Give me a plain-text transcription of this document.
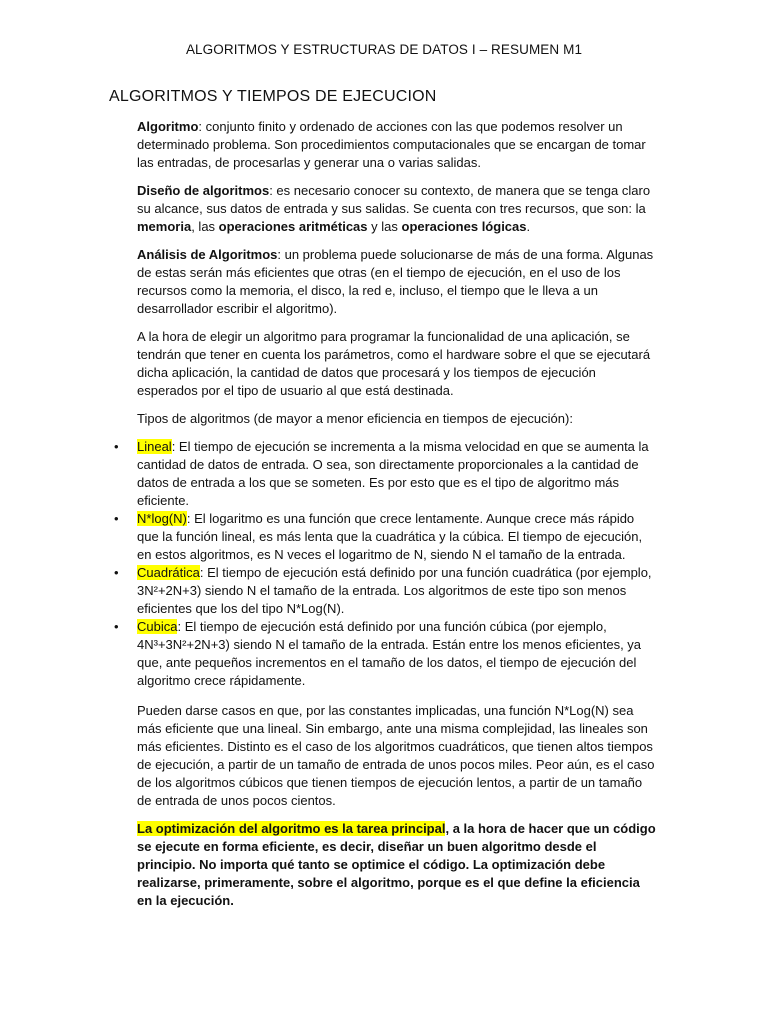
ALGORITMOS Y ESTRUCTURAS DE DATOS I – RESUMEN M1
ALGORITMOS Y TIEMPOS DE EJECUCION

Algoritmo: conjunto finito y ordenado de acciones con las que podemos resolver un determinado problema. Son procedimientos computacionales que se encargan de tomar las entradas, de procesarlas y generar una o varias salidas.

Diseño de algoritmos: es necesario conocer su contexto, de manera que se tenga claro su alcance, sus datos de entrada y sus salidas. Se cuenta con tres recursos, que son: la memoria, las operaciones aritméticas y las operaciones lógicas.

Análisis de Algoritmos: un problema puede solucionarse de más de una forma. Algunas de estas serán más eficientes que otras (en el tiempo de ejecución, en el uso de los recursos como la memoria, el disco, la red e, incluso, el tiempo que le lleva a un desarrollador escribir el algoritmo).

A la hora de elegir un algoritmo para programar la funcionalidad de una aplicación, se tendrán que tener en cuenta los parámetros, como el hardware sobre el que se ejecutará dicha aplicación, la cantidad de datos que procesará y los tiempos de ejecución esperados por el tipo de usuario al que está destinada.

Tipos de algoritmos (de mayor a menor eficiencia en tiempos de ejecución):

• Lineal: El tiempo de ejecución se incrementa a la misma velocidad en que se aumenta la cantidad de datos de entrada. O sea, son directamente proporcionales a la cantidad de datos de entrada a los que se someten. Es por esto que es el tipo de algoritmo más eficiente.
• N*log(N): El logaritmo es una función que crece lentamente. Aunque crece más rápido que la función lineal, es más lenta que la cuadrática y la cúbica. El tiempo de ejecución, en estos algoritmos, es N veces el logaritmo de N, siendo N el tamaño de la entrada.
• Cuadrática: El tiempo de ejecución está definido por una función cuadrática (por ejemplo, 3N²+2N+3) siendo N el tamaño de la entrada. Los algoritmos de este tipo son menos eficientes que los del tipo N*Log(N).
• Cubica: El tiempo de ejecución está definido por una función cúbica (por ejemplo, 4N³+3N²+2N+3) siendo N el tamaño de la entrada. Están entre los menos eficientes, ya que, ante pequeños incrementos en el tamaño de los datos, el tiempo de ejecución del algoritmo crece rápidamente.

Pueden darse casos en que, por las constantes implicadas, una función N*Log(N) sea más eficiente que una lineal. Sin embargo, ante una misma complejidad, las lineales son más eficientes. Distinto es el caso de los algoritmos cuadráticos, que tienen altos tiempos de ejecución, a partir de un tamaño de entrada de unos pocos miles. Peor aún, es el caso de los algoritmos cúbicos que tienen tiempos de ejecución lentos, a partir de un tamaño de entrada de unos pocos cientos.

La optimización del algoritmo es la tarea principal, a la hora de hacer que un código se ejecute en forma eficiente, es decir, diseñar un buen algoritmo desde el principio. No importa qué tanto se optimice el código. La optimización debe realizarse, primeramente, sobre el algoritmo, porque es el que define la eficiencia en la ejecución.
